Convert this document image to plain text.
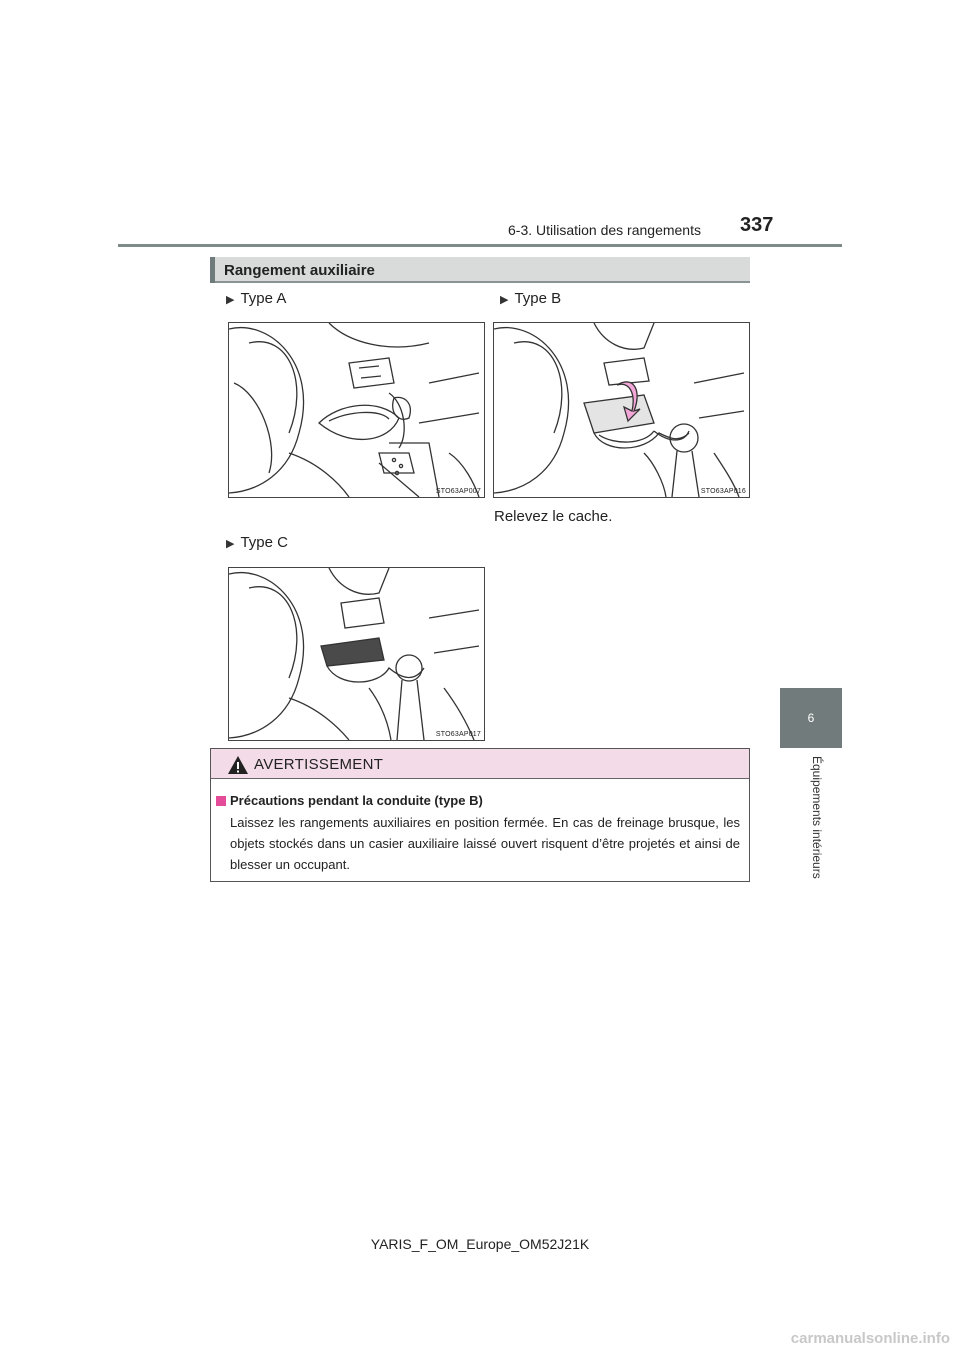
6-3. Utilisation des rangements 337
6
Équipements intérieurs
Rangement auxiliaire
▶ Type A	▶ Type B
▶ Type C
STO63AP007	STO63AP016
Relevez le cache.
STO63AP017
AVERTISSEMENT
Précautions pendant la conduite (type B)
Laissez les rangements auxiliaires en position fermée. En cas de freinage brusque, les objets stockés dans un casier auxiliaire laissé ouvert risquent d’être projetés et ainsi de blesser un occupant.
YARIS_F_OM_Europe_OM52J21K
carmanualsonline.info
